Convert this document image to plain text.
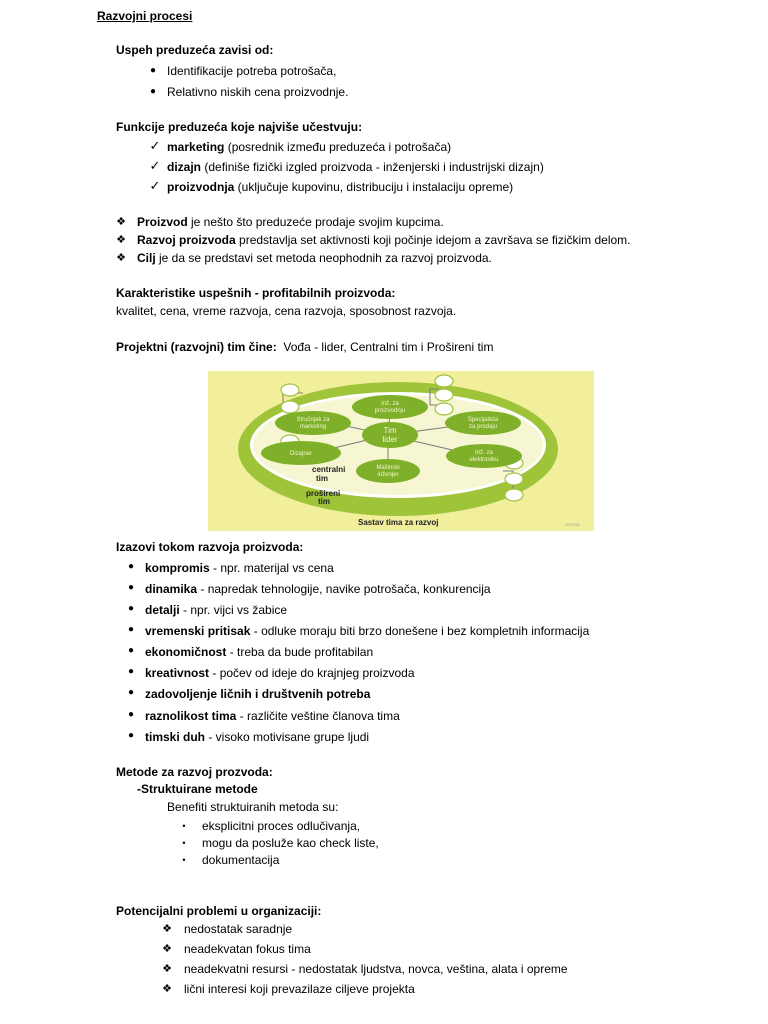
Razvojni procesi
Uspeh preduzeća zavisi od:
● Identifikacije potreba potrošača,
● Relativno niskih cena proizvodnje.
Funkcije preduzeća koje najviše učestvuju:
✓ marketing (posrednik između preduzeća i potrošača)
✓ dizajn (definiše fizički izgled proizvoda - inženjerski i industrijski dizajn)
✓ proizvodnja (uključuje kupovinu, distribuciju i instalaciju opreme)
❖ Proizvod je nešto što preduzeće prodaje svojim kupcima.
❖ Razvoj proizvoda predstavlja set aktivnosti koji počinje idejom a završava se fizičkim delom.
❖ Cilj je da se predstavi set metoda neophodnih za razvoj proizvoda.
Karakteristike uspešnih - profitabilnih proizvoda:
kvalitet, cena, vreme razvoja, cena razvoja, sposobnost razvoja.
Projektni (razvojni) tim čine: Vođa - lider, Centralni tim i Prošireni tim
Inž. za
proizvodnju
Stručnjak za
marketing
Specijalista
za prodaju
Dizajner	Inž. za
elektroniku
Mašinski
inženjer
Tim
lider
centralni
tim
prošireni
tim
Sastav tima za razvoj	2007/08
Izazovi tokom razvoja proizvoda:
● kompromis - npr. materijal vs cena
● dinamika - napredak tehnologije, navike potrošača, konkurencija
● detalji - npr. vijci vs žabice
● vremenski pritisak - odluke moraju biti brzo donešene i bez kompletnih informacija
● ekonomičnost - treba da bude profitabilan
● kreativnost - počev od ideje do krajnjeg proizvoda
● zadovoljenje ličnih i društvenih potreba
● raznolikost tima - različite veštine članova tima
● timski duh - visoko motivisane grupe ljudi
Metode za razvoj prozvoda:
-Struktuirane metode
Benefiti struktuiranih metoda su:
•	eksplicitni proces odlučivanja,
•	mogu da posluže kao check liste,
•	dokumentacija
Potencijalni problemi u organizaciji:
❖ nedostatak saradnje
❖ neadekvatan fokus tima
❖ neadekvatni resursi - nedostatak ljudstva, novca, veština, alata i opreme
❖ lični interesi koji prevazilaze ciljeve projekta
